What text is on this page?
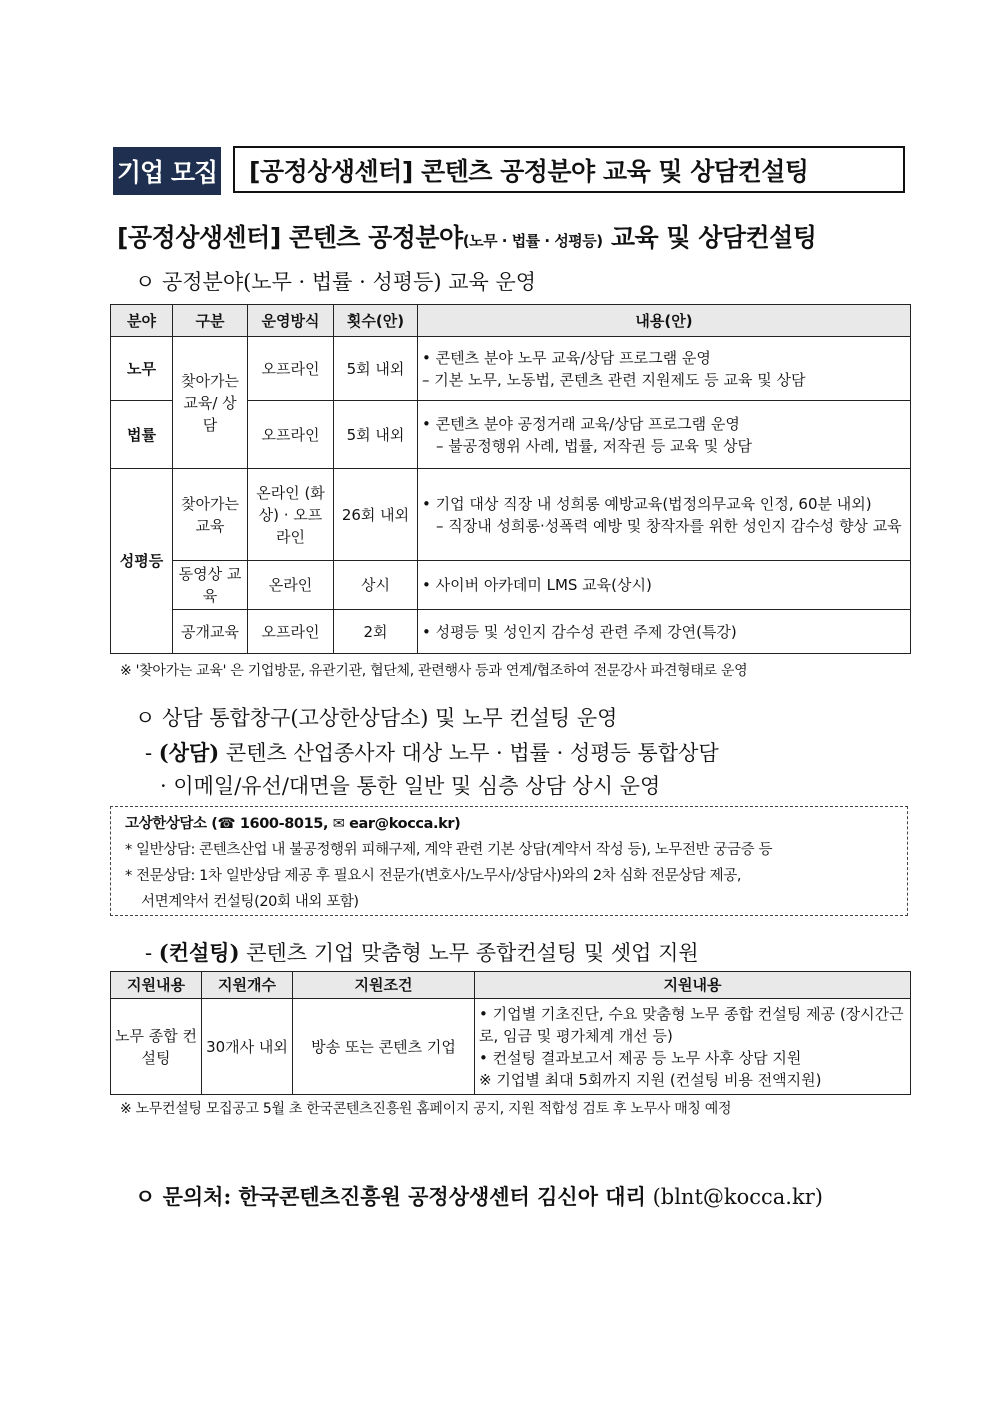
기업 모집	[공정상생센터] 콘텐츠 공정분야 교육 및 상담컨설팅
[공정상생센터] 콘텐츠 공정분야(노무 · 법률 · 성평등) 교육 및 상담컨설팅
ㅇ 공정분야(노무 · 법률 · 성평등) 교육 운영
분야	구분	운영방식	횟수(안)	내용(안)
노무	찾아가는 교육/ 상담	오프라인	5회 내외	• 콘텐츠 분야 노무 교육/상담 프로그램 운영
– 기본 노무, 노동법, 콘텐츠 관련 지원제도 등 교육 및 상담

법률		오프라인	5회 내외	• 콘텐츠 분야 공정거래 교육/상담 프로그램 운영
– 불공정행위 사례, 법률, 저작권 등 교육 및 상담

성평등	찾아가는 교육	온라인 (화상) · 오프라인	26회 내외	• 기업 대상 직장 내 성희롱 예방교육(법정의무교육 인정, 60분 내외)
– 직장내 성희롱·성폭력 예방 및 창작자를 위한 성인지 감수성 향상 교육

	동영상 교육	온라인	상시	• 사이버 아카데미 LMS 교육(상시)
	공개교육	오프라인	2회	• 성평등 및 성인지 감수성 관련 주제 강연(특강)
※ '찾아가는 교육' 은 기업방문, 유관기관, 협단체, 관련행사 등과 연계/협조하여 전문강사 파견형태로 운영
ㅇ 상담 통합창구(고상한상담소) 및 노무 컨설팅 운영
- (상담) 콘텐츠 산업종사자 대상 노무 · 법률 · 성평등 통합상담
· 이메일/유선/대면을 통한 일반 및 심층 상담 상시 운영
고상한상담소 (☎ 1600-8015, ✉ ear@kocca.kr)
* 일반상담: 콘텐츠산업 내 불공정행위 피해구제, 계약 관련 기본 상담(계약서 작성 등), 노무전반 궁금증 등
* 전문상담: 1차 일반상담 제공 후 필요시 전문가(변호사/노무사/상담사)와의 2차 심화 전문상담 제공,
서면계약서 컨설팅(20회 내외 포함)
- (컨설팅) 콘텐츠 기업 맞춤형 노무 종합컨설팅 및 셋업 지원
지원내용	지원개수	지원조건	지원내용
노무 종합 컨설팅	30개사 내외	방송 또는 콘텐츠 기업	• 기업별 기초진단, 수요 맞춤형 노무 종합 컨설팅 제공 (장시간근로, 임금 및 평가체계 개선 등)
• 컨설팅 결과보고서 제공 등 노무 사후 상담 지원
※ 기업별 최대 5회까지 지원 (컨설팅 비용 전액지원)
※ 노무컨설팅 모집공고 5월 초 한국콘텐츠진흥원 홈페이지 공지, 지원 적합성 검토 후 노무사 매칭 예정
ㅇ 문의처: 한국콘텐츠진흥원 공정상생센터 김신아 대리 (blnt@kocca.kr)
